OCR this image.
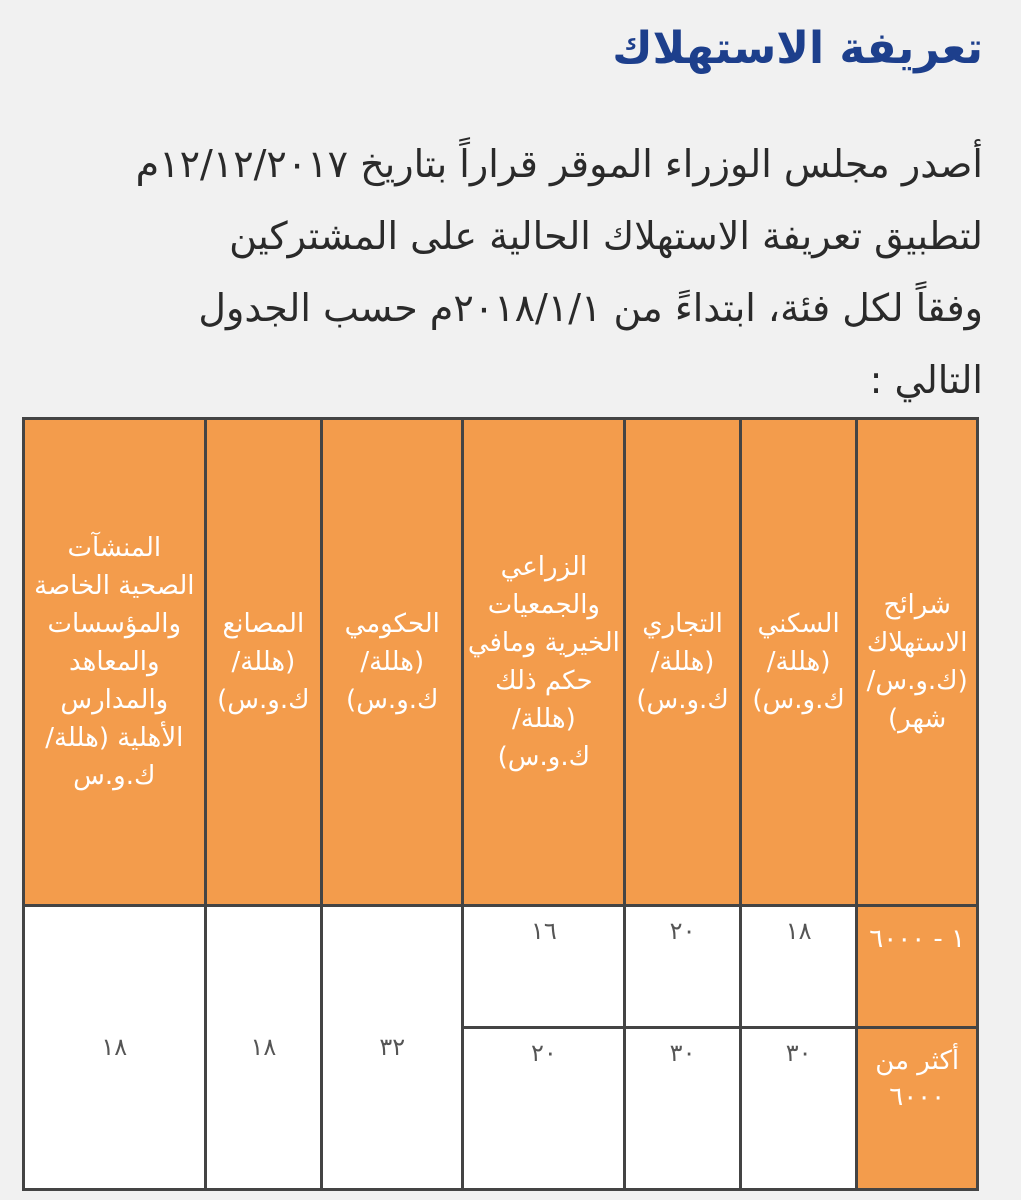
تعريفة الاستهلاك

أصدر مجلس الوزراء الموقر قراراً بتاريخ ١٢/١٢/٢٠١٧م
لتطبيق تعريفة الاستهلاك الحالية على المشتركين
وفقاً لكل فئة، ابتداءً من ٢٠١٨/١/١م حسب الجدول
التالي :

شرائح الاستهلاك (ك.و.س/ شهر)	السكني (هللة/ ك.و.س)	التجاري (هللة/ ك.و.س)	الزراعي والجمعيات الخيرية ومافي حكم ذلك (هللة/ ك.و.س)	الحكومي (هللة/ ك.و.س)	المصانع (هللة/ ك.و.س)	المنشآت الصحية الخاصة والمؤسسات والمعاهد والمدارس الأهلية (هللة/ ك.و.س
١ - ٦٠٠٠	١٨	٢٠	١٦	٣٢	١٨	١٨
أكثر من ٦٠٠٠	٣٠	٣٠	٢٠			
